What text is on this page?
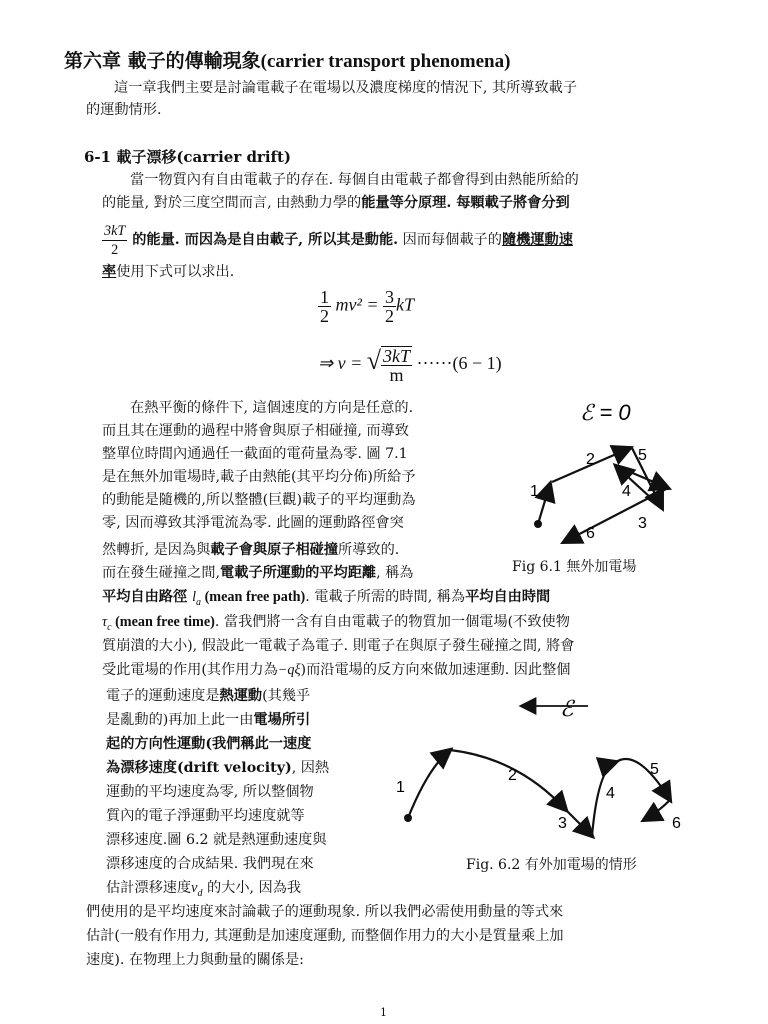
第六章 載子的傳輸現象(carrier transport phenomena)
這一章我們主要是討論電載子在電場以及濃度梯度的情況下, 其所導致載子
的運動情形.
6-1 載子漂移(carrier drift)
當一物質內有自由電載子的存在. 每個自由電載子都會得到由熱能所給的
的能量, 對於三度空間而言, 由熱動力學的能量等分原理. 每顆載子將會分到
$\frac{3kT}{2}$ 的能量. 而因為是自由載子, 所以其是動能. 因而每個載子的隨機運動速
率使用下式可以求出.
$\frac{1}{2} mv^2 = \frac{3}{2}$ kT
⇒ v = √ $\frac{3kT}{m} \cdot\cdot\cdot\cdot\cdot\cdot(6 - 1)$
在熱平衡的條件下, 這個速度的方向是任意的.
而且其在運動的過程中將會與原子相碰撞, 而導致
整單位時間內通過任一截面的電荷量為零. 圖 7.1
是在無外加電場時,載子由熱能(其平均分佈)所給予
的動能是隨機的,所以整體(巨觀)載子的平均運動為
零, 因而導致其淨電流為零. 此圖的運動路徑會突
然轉折, 是因為與載子會與原子相碰撞所導致的.
而在發生碰撞之間,電載子所運動的平均距離, 稱為
ℰ = 0
1
2
3
4
5
6
Fig 6.1 無外加電場
平均自由路徑 $l_a$ (mean free path). 電載子所需的時間, 稱為平均自由時間
$\tau_c$ (mean free time). 當我們將一含有自由電載子的物質加一個電場(不致使物
質崩潰的大小), 假設此一電載子為電子. 則電子在與原子發生碰撞之間, 將會
受此電場的作用(其作用力為−qξ)而沿電場的反方向來做加速運動. 因此整個
電子的運動速度是熱運動(其幾乎
是亂動的)再加上此一由電場所引
起的方向性運動(我們稱此一速度
為漂移速度(drift velocity), 因熱
運動的平均速度為零, 所以整個物
質內的電子淨運動平均速度就等
漂移速度.圖 6.2 就是熱運動速度與
漂移速度的合成結果. 我們現在來
估計漂移速度$v_d$ 的大小, 因為我
ℰ
1
2
3
4
5
6
Fig. 6.2 有外加電場的情形
們使用的是平均速度來討論載子的運動現象. 所以我們必需使用動量的等式來
估計(一般有作用力, 其運動是加速度運動, 而整個作用力的大小是質量乘上加
速度). 在物理上力與動量的關係是:
1
